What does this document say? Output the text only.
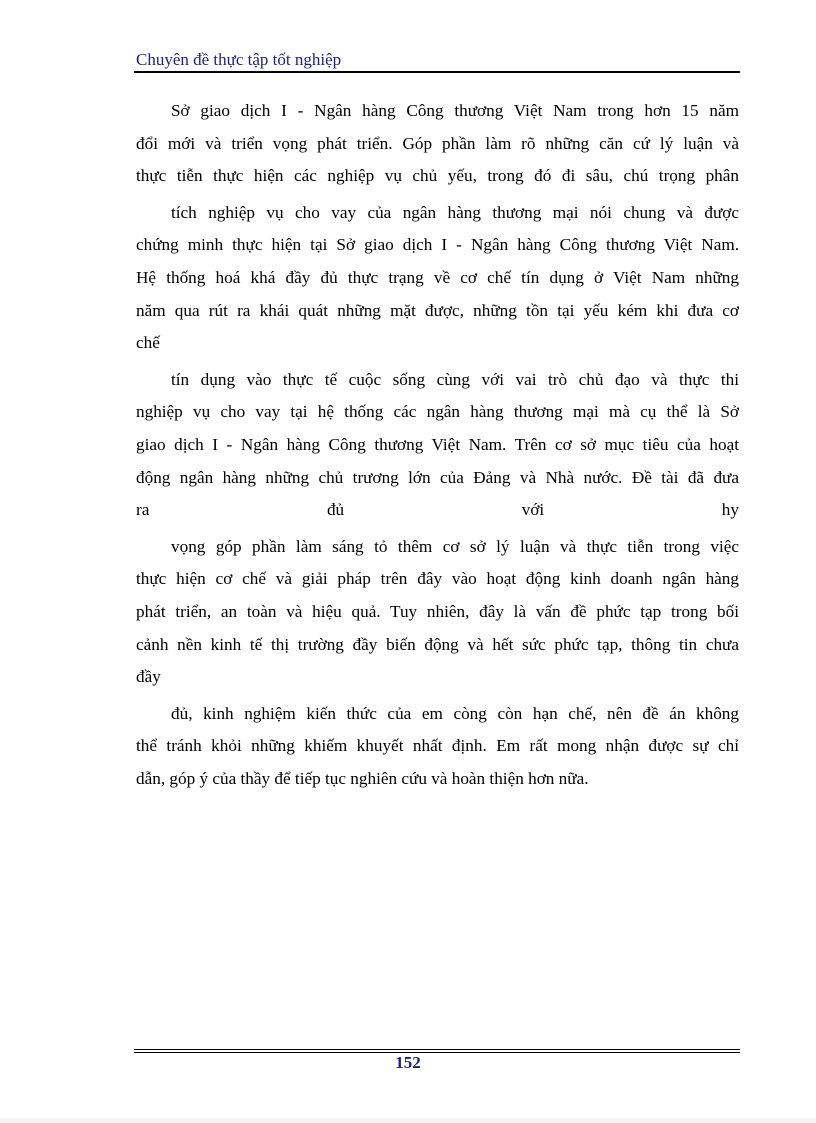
Chuyên đề thực tập tốt nghiệp
Sở giao dịch I - Ngân hàng Công thương Việt Nam trong hơn 15 năm
đổi mới và triển vọng phát triển. Góp phần làm rõ những căn cứ lý luận và
thực tiễn thực hiện các nghiệp vụ chủ yếu, trong đó đi sâu, chú trọng phân
tích nghiệp vụ cho vay của ngân hàng thương mại nói chung và được
chứng minh thực hiện tại Sở giao dịch I - Ngân hàng Công thương Việt Nam.
Hệ thống hoá khá đầy đủ thực trạng về cơ chế tín dụng ở Việt Nam những
năm qua rút ra khái quát những mặt được, những tồn tại yếu kém khi đưa cơ
chế
tín dụng vào thực tế cuộc sống cùng với vai trò chủ đạo và thực thi
nghiệp vụ cho vay tại hệ thống các ngân hàng thương mại mà cụ thể là Sở
giao dịch I - Ngân hàng Công thương Việt Nam. Trên cơ sở mục tiêu của hoạt
động ngân hàng những chủ trương lớn của Đảng và Nhà nước. Đề tài đã đưa
ra đủ với hy
vọng góp phần làm sáng tỏ thêm cơ sở lý luận và thực tiễn trong việc
thực hiện cơ chế và giải pháp trên đây vào hoạt động kinh doanh ngân hàng
phát triển, an toàn và hiệu quả. Tuy nhiên, đây là vấn đề phức tạp trong bối
cảnh nền kinh tế thị trường đầy biến động và hết sức phức tạp, thông tin chưa
đầy
đủ, kinh nghiệm kiến thức của em còng còn hạn chế, nên đề án không
thể tránh khỏi những khiếm khuyết nhất định. Em rất mong nhận được sự chỉ
dẫn, góp ý của thầy để tiếp tục nghiên cứu và hoàn thiện hơn nữa.
152
